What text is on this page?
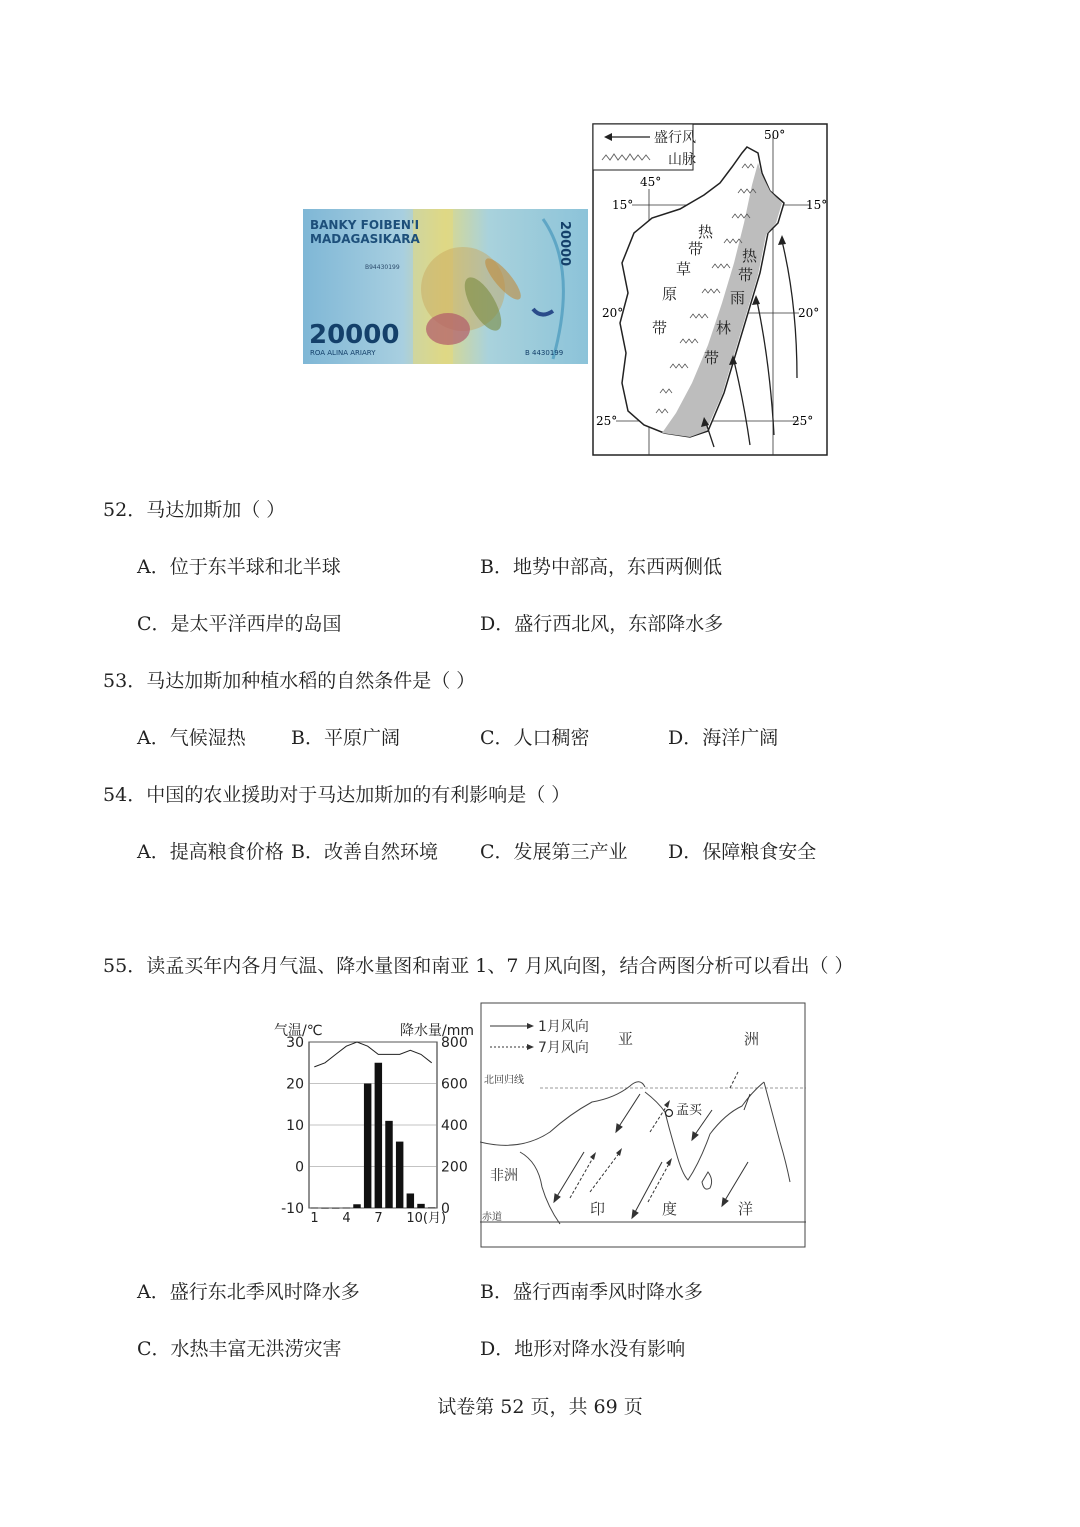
BANKY FOIBEN'I
MADAGASIKARA
B94430199
20000
ROA ALINA ARIARY	B 4430199
20000
盛行风
山脉
45°
50°
15°	15°
20°	20°
25°	25°
热
带
草
原
带
热
带
雨
林
带
52．马达加斯加（ ）
A．位于东半球和北半球	B．地势中部高，东西两侧低
C．是太平洋西岸的岛国	D．盛行西北风，东部降水多
53．马达加斯加种植水稻的自然条件是（ ）
A．气候湿热 B．平原广阔	C．人口稠密	D．海洋广阔
54．中国的农业援助对于马达加斯加的有利影响是（ ）
A．提高粮食价格 B．改善自然环境 C．发展第三产业 D．保障粮食安全
55．读孟买年内各月气温、降水量图和南亚 1、7 月风向图，结合两图分析可以看出（ ）
气温/℃	降水量/mm
30
20
10
0
-10
800
600
400
200
0
1 4 7 10(月)
1月风向
7月风向 亚	洲
北回归线
孟买
非洲
印	度	洋
赤道
A．盛行东北季风时降水多	B．盛行西南季风时降水多
C．水热丰富无洪涝灾害	D．地形对降水没有影响
试卷第 52 页，共 69 页
